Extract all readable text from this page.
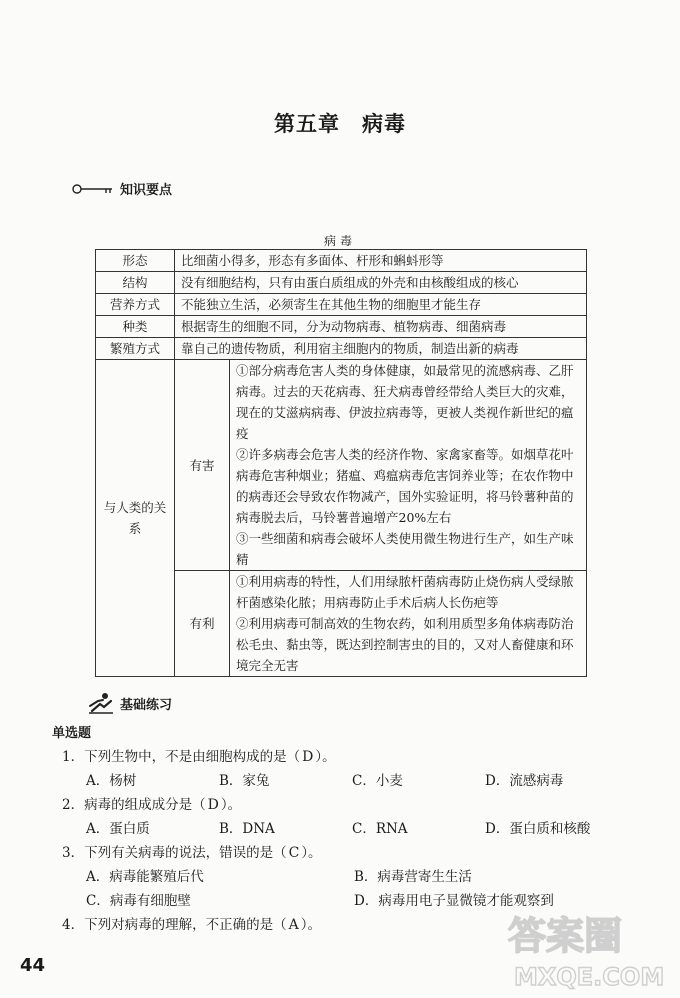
第五章　病毒
知识要点
病毒
形态	比细菌小得多，形态有多面体、杆形和蝌蚪形等	
结构	没有细胞结构，只有由蛋白质组成的外壳和由核酸组成的核心	
营养方式	不能独立生活，必须寄生在其他生物的细胞里才能生存	
种类	根据寄生的细胞不同，分为动物病毒、植物病毒、细菌病毒	
繁殖方式	靠自己的遗传物质，利用宿主细胞内的物质，制造出新的病毒	
与人类的关系	有害	①部分病毒危害人类的身体健康，如最常见的流感病毒、乙肝病毒。过去的天花病毒、狂犬病毒曾经带给人类巨大的灾难，现在的艾滋病病毒、伊波拉病毒等，更被人类视作新世纪的瘟疫

②许多病毒会危害人类的经济作物、家禽家畜等。如烟草花叶病毒危害种烟业；猪瘟、鸡瘟病毒危害饲养业等；在农作物中的病毒还会导致农作物减产，国外实验证明，将马铃薯种苗的病毒脱去后，马铃薯普遍增产20%左右

③一些细菌和病毒会破坏人类使用微生物进行生产，如生产味精

	有利	①利用病毒的特性，人们用绿脓杆菌病毒防止烧伤病人受绿脓杆菌感染化脓；用病毒防止手术后病人长伤疤等

②利用病毒可制高效的生物农药，如利用质型多角体病毒防治松毛虫、黏虫等，既达到控制害虫的目的，又对人畜健康和环境完全无害

基础练习
单选题
1．下列生物中，不是由细胞构成的是（ D ）。
A．杨树	B．家兔	C．小麦	D．流感病毒
2．病毒的组成成分是（ D ）。
A．蛋白质	B．DNA	C．RNA	D．蛋白质和核酸
3．下列有关病毒的说法，错误的是（ C ）。
A．病毒能繁殖后代	B．病毒营寄生生活
C．病毒有细胞壁	D．病毒用电子显微镜才能观察到
4．下列对病毒的理解，不正确的是（ A ）。
44
答案圈
MXQE.COM
